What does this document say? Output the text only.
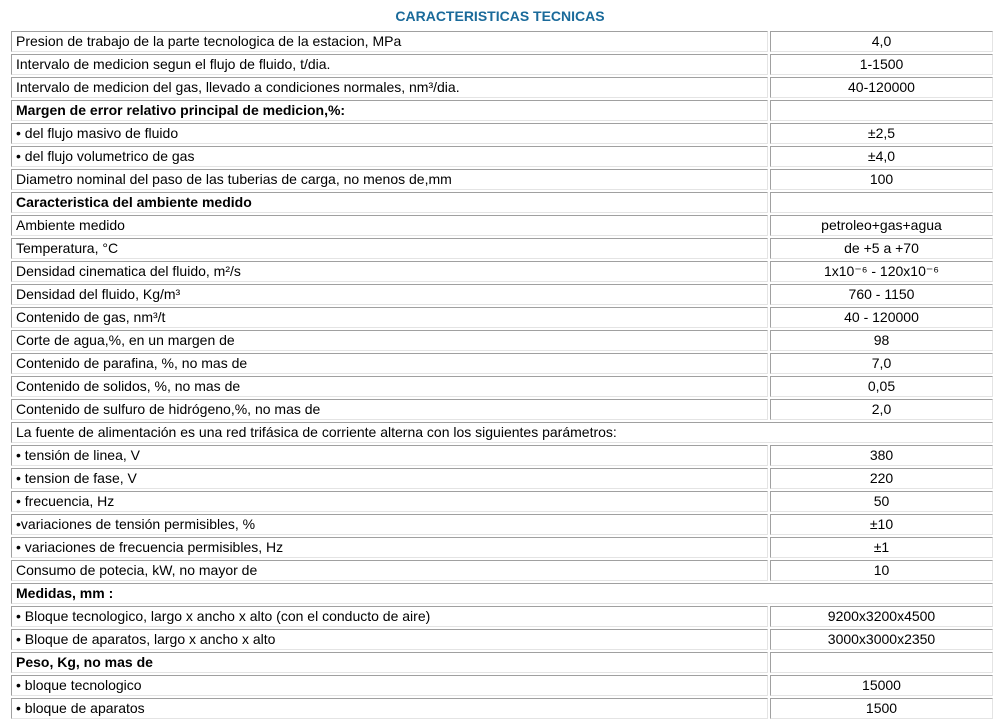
CARACTERISTICAS TECNICAS
Presion de trabajo de la parte tecnologica de la estacion, MPa	4,0
Intervalo de medicion segun el flujo de fluido, t/dia.	1-1500
Intervalo de medicion del gas, llevado a condiciones normales, nm³/dia.	40-120000
Margen de error relativo principal de medicion,%:	
• del flujo masivo de fluido	±2,5
• del flujo volumetrico de gas	±4,0
Diametro nominal del paso de las tuberias de carga, no menos de,mm	100
Caracteristica del ambiente medido	
Ambiente medido	petroleo+gas+agua
Temperatura, °C	de +5 a +70
Densidad cinematica del fluido, m²/s	1x10⁻⁶ - 120x10⁻⁶
Densidad del fluido, Kg/m³	760 - 1150
Contenido de gas, nm³/t	40 - 120000
Corte de agua,%, en un margen de	98
Contenido de parafina, %, no mas de	7,0
Contenido de solidos, %, no mas de	0,05
Contenido de sulfuro de hidrógeno,%, no mas de	2,0
La fuente de alimentación es una red trifásica de corriente alterna con los siguientes parámetros:	
• tensión de linea, V	380
• tension de fase, V	220
• frecuencia, Hz	50
•variaciones de tensión permisibles, %	±10
• variaciones de frecuencia permisibles, Hz	±1
Consumo de potecia, kW, no mayor de	10
Medidas, mm :	
• Bloque tecnologico, largo x ancho x alto (con el conducto de aire)	9200x3200x4500
• Bloque de aparatos, largo x ancho x alto	3000x3000x2350
Peso, Kg, no mas de	
• bloque tecnologico	15000
• bloque de aparatos	1500
